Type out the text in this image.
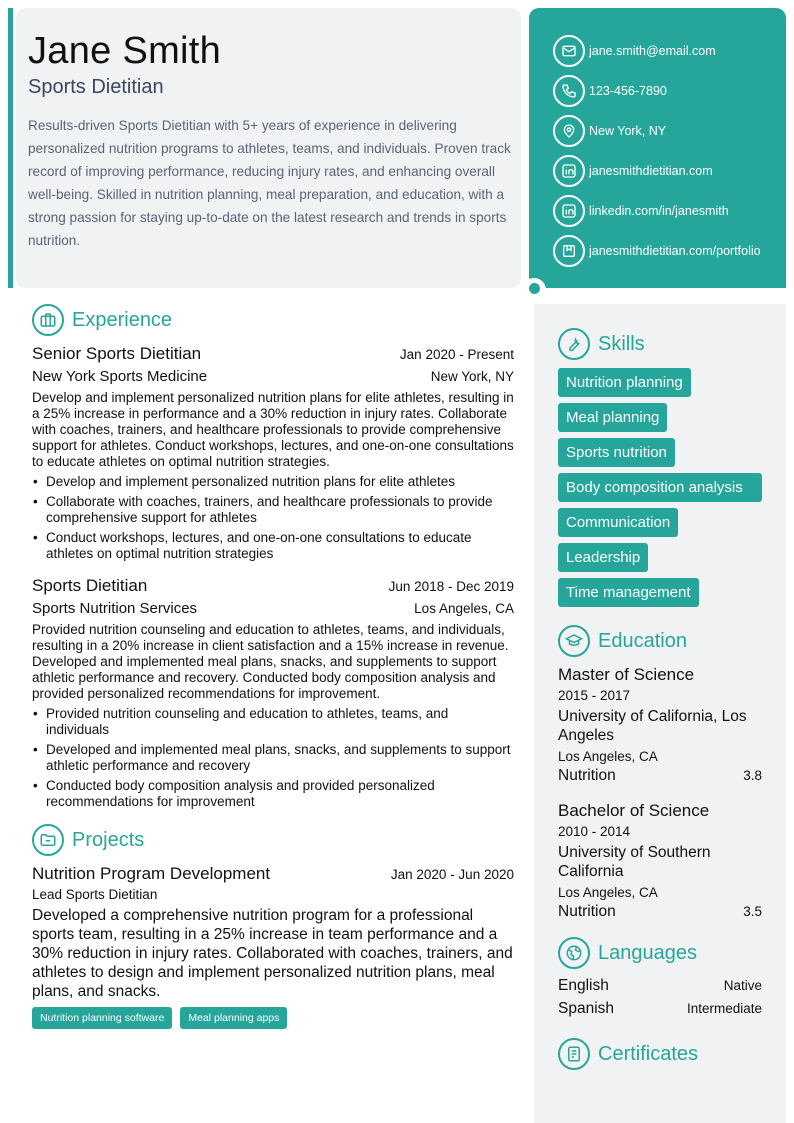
Jane Smith
Sports Dietitian
Results-driven Sports Dietitian with 5+ years of experience in delivering personalized nutrition programs to athletes, teams, and individuals. Proven track record of improving performance, reducing injury rates, and enhancing overall well-being. Skilled in nutrition planning, meal preparation, and education, with a strong passion for staying up-to-date on the latest research and trends in sports nutrition.
jane.smith@email.com
123-456-7890
New York, NY
janesmithdietitian.com
linkedin.com/in/janesmith
janesmithdietitian.com/portfolio
Experience
Senior Sports Dietitian	Jan 2020 - Present
New York Sports Medicine	New York, NY
Develop and implement personalized nutrition plans for elite athletes, resulting in a 25% increase in performance and a 30% reduction in injury rates. Collaborate with coaches, trainers, and healthcare professionals to provide comprehensive support for athletes. Conduct workshops, lectures, and one-on-one consultations to educate athletes on optimal nutrition strategies.
• Develop and implement personalized nutrition plans for elite athletes
• Collaborate with coaches, trainers, and healthcare professionals to provide comprehensive support for athletes
• Conduct workshops, lectures, and one-on-one consultations to educate athletes on optimal nutrition strategies
Sports Dietitian	Jun 2018 - Dec 2019
Sports Nutrition Services	Los Angeles, CA
Provided nutrition counseling and education to athletes, teams, and individuals, resulting in a 20% increase in client satisfaction and a 15% increase in revenue. Developed and implemented meal plans, snacks, and supplements to support athletic performance and recovery. Conducted body composition analysis and provided personalized recommendations for improvement.
• Provided nutrition counseling and education to athletes, teams, and individuals
• Developed and implemented meal plans, snacks, and supplements to support athletic performance and recovery
• Conducted body composition analysis and provided personalized recommendations for improvement
Projects
Nutrition Program Development	Jan 2020 - Jun 2020
Lead Sports Dietitian
Developed a comprehensive nutrition program for a professional sports team, resulting in a 25% increase in team performance and a 30% reduction in injury rates. Collaborated with coaches, trainers, and athletes to design and implement personalized nutrition plans, meal plans, and snacks.
Nutrition planning software	Meal planning apps
Skills
Nutrition planning
Meal planning
Sports nutrition
Body composition analysis
Communication
Leadership
Time management
Education
Master of Science
2015 - 2017
University of California, Los Angeles
Los Angeles, CA
Nutrition	3.8
Bachelor of Science
2010 - 2014
University of Southern California
Los Angeles, CA
Nutrition	3.5
Languages
English	Native
Spanish	Intermediate
Certificates
